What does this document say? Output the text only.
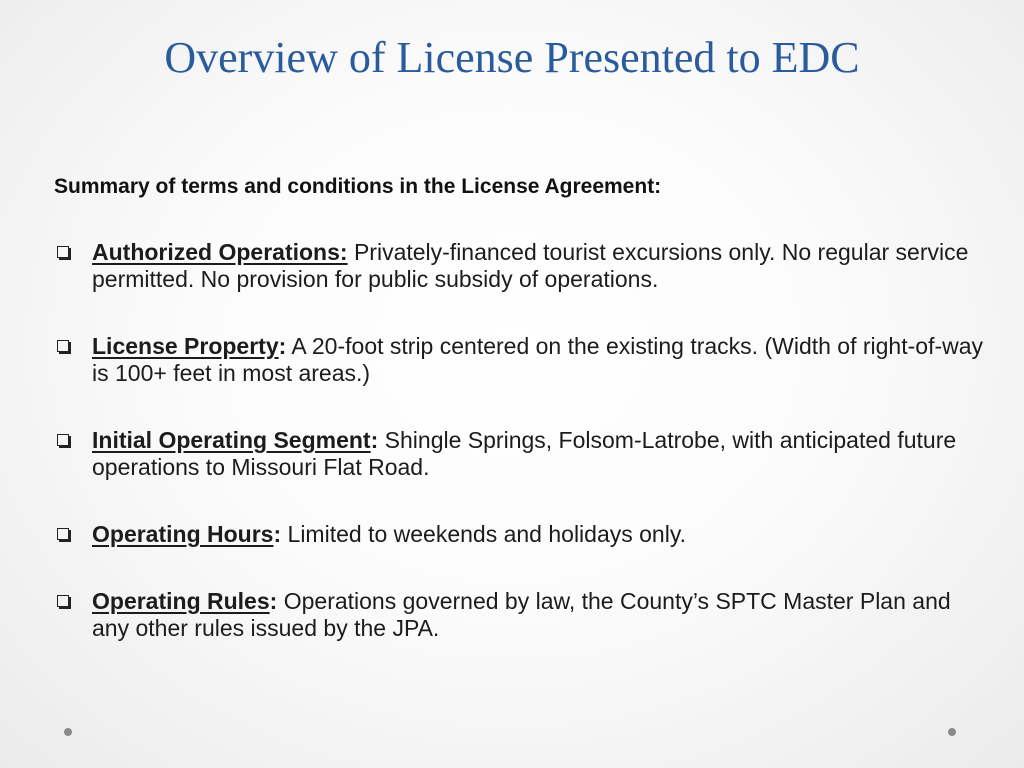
Overview of License Presented to EDC

Summary of terms and conditions in the License Agreement:

Authorized Operations: Privately-financed tourist excursions only. No regular service permitted. No provision for public subsidy of operations.
License Property: A 20-foot strip centered on the existing tracks. (Width of right-of-way is 100+ feet in most areas.)
Initial Operating Segment: Shingle Springs, Folsom-Latrobe, with anticipated future operations to Missouri Flat Road.
Operating Hours: Limited to weekends and holidays only.
Operating Rules: Operations governed by law, the County’s SPTC Master Plan and any other rules issued by the JPA.
